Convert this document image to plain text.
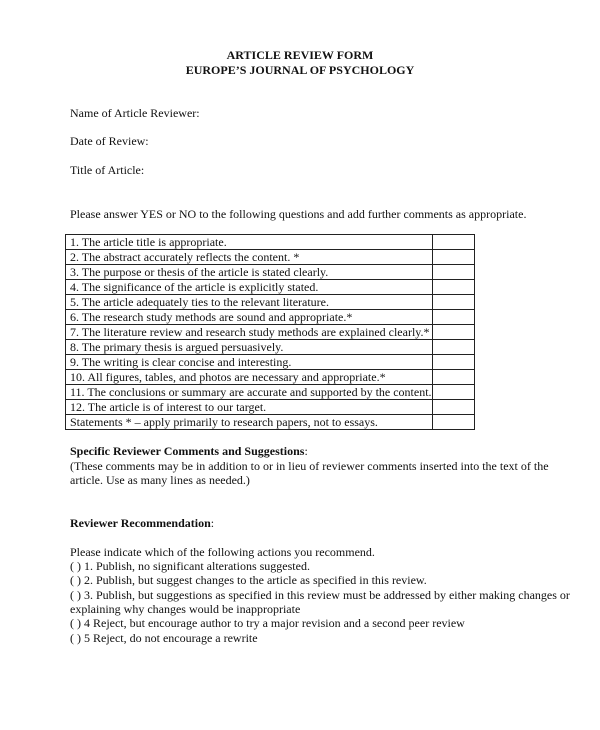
ARTICLE REVIEW FORM
EUROPE’S JOURNAL OF PSYCHOLOGY
Name of Article Reviewer:
Date of Review:
Title of Article:
Please answer YES or NO to the following questions and add further comments as appropriate.
1. The article title is appropriate.	
2. The abstract accurately reflects the content. *	
3. The purpose or thesis of the article is stated clearly.	
4. The significance of the article is explicitly stated.	
5. The article adequately ties to the relevant literature.	
6. The research study methods are sound and appropriate.*	
7. The literature review and research study methods are explained clearly.*	
8. The primary thesis is argued persuasively.	
9. The writing is clear concise and interesting.	
10. All figures, tables, and photos are necessary and appropriate.*	
11. The conclusions or summary are accurate and supported by the content.	
12. The article is of interest to our target.	
Statements * – apply primarily to research papers, not to essays.	
Specific Reviewer Comments and Suggestions:
(These comments may be in addition to or in lieu of reviewer comments inserted into the text of the
article. Use as many lines as needed.)
Reviewer Recommendation:
Please indicate which of the following actions you recommend.
( ) 1. Publish, no significant alterations suggested.
( ) 2. Publish, but suggest changes to the article as specified in this review.
( ) 3. Publish, but suggestions as specified in this review must be addressed by either making changes or
explaining why changes would be inappropriate
( ) 4 Reject, but encourage author to try a major revision and a second peer review
( ) 5 Reject, do not encourage a rewrite
